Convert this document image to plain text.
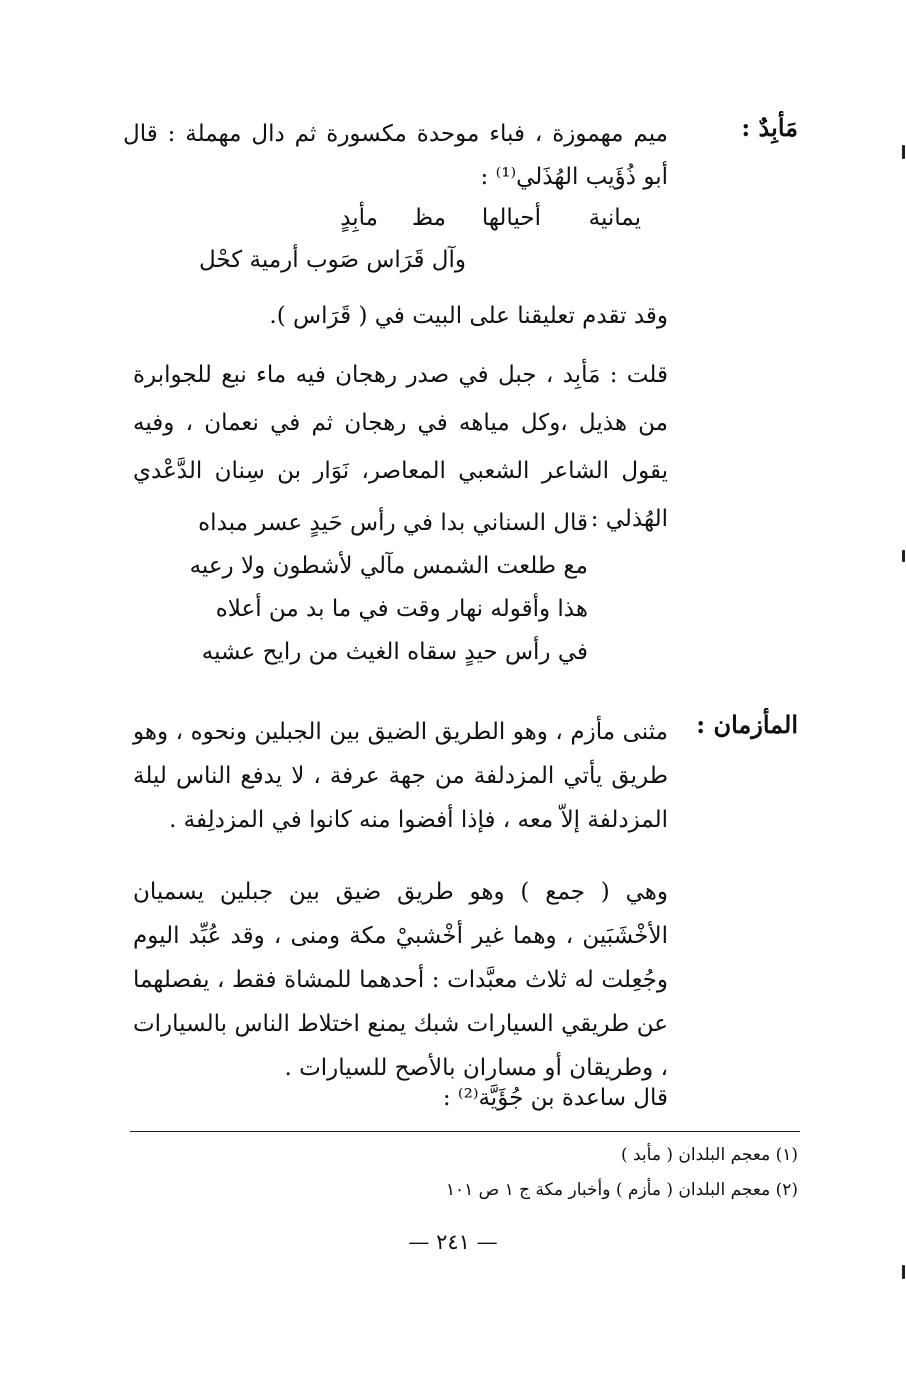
مَأبِدٌ :
ميم مهموزة ، فباء موحدة مكسورة ثم دال مهملة : قال أبو ذُؤَيب الهُذَلي⁽¹⁾ :
يمانية
أحيالها
مظ
مأبِدٍ
وآل قَرَاس صَوب أرمية كحْل
وقد تقدم تعليقنا على البيت في ( قَرَاس ).
قلت : مَأبِد ، جبل في صدر رهجان فيه ماء نبع للجوابرة من هذيل ،وكل مياهه في رهجان ثم في نعمان ، وفيه يقول الشاعر الشعبي المعاصر، نَوَار بن سِنان الدَّعْدي الهُذلي :
قال السناني بدا في رأس حَيدٍ عسر مبداه
مع طلعت الشمس مآلي لأشطون ولا رعيه
هذا وأقوله نهار وقت في ما بد من أعلاه
في رأس حيدٍ سقاه الغيث من رايح عشيه
المأزمان :
مثنى مأزم ، وهو الطريق الضيق بين الجبلين ونحوه ، وهو طريق يأتي المزدلفة من جهة عرفة ، لا يدفع الناس ليلة المزدلفة إلاّ معه ، فإذا أفضوا منه كانوا في المزدلِفة .
وهي ( جمع ) وهو طريق ضيق بين جبلين يسميان الأخْشَبَين ، وهما غير أخْشبيْ مكة ومنى ، وقد عُبِّد اليوم وجُعِلت له ثلاث معبَّدات : أحدهما للمشاة فقط ، يفصلهما عن طريقي السيارات شبك يمنع اختلاط الناس بالسيارات ، وطريقان أو مساران بالأصح للسيارات .
قال ساعدة بن جُؤَيَّة⁽²⁾ :
(١) معجم البلدان ( مأبد )
(٢) معجم البلدان ( مأزم ) وأخبار مكة ج ١ ص ١٠١
— ٢٤١ —
